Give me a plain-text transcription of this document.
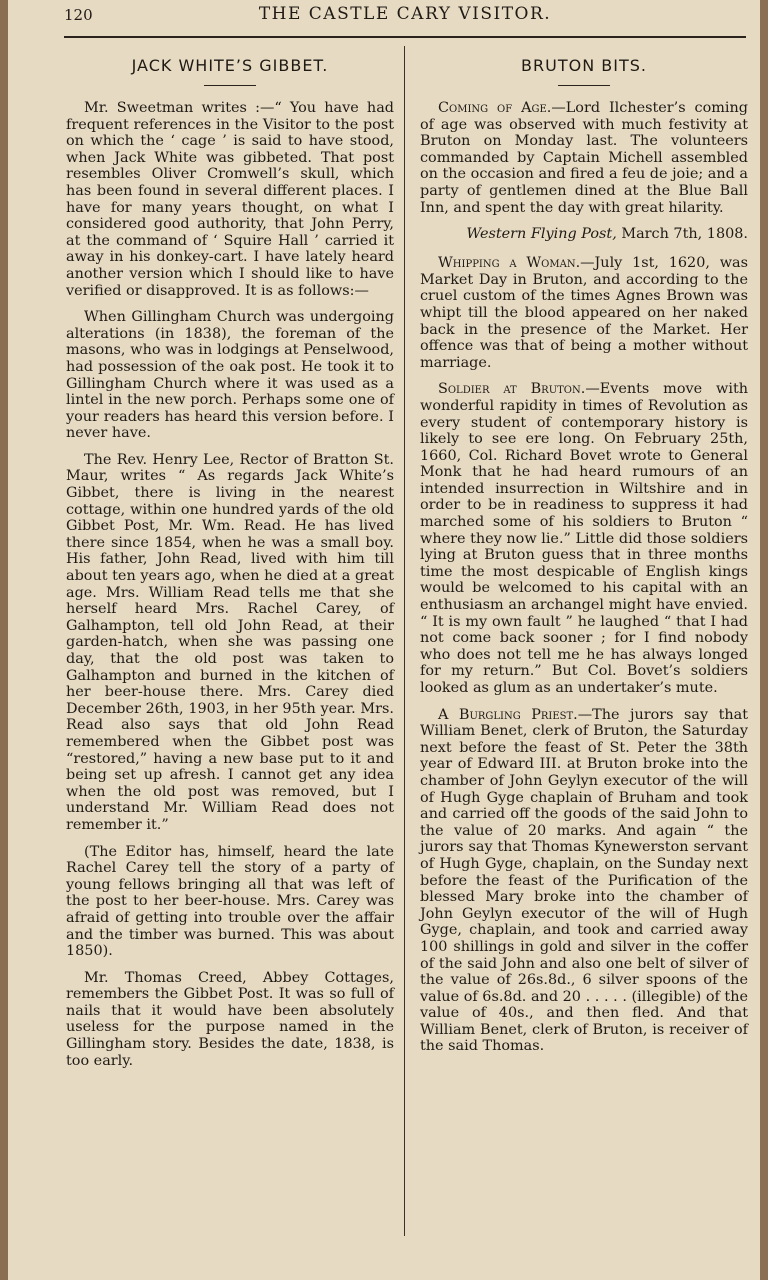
120	THE CASTLE CARY VISITOR.
JACK WHITE’S GIBBET.

Mr. Sweetman writes :—“ You have had frequent references in the Visitor to the post on which the ‘ cage ’ is said to have stood, when Jack White was gibbeted. That post resembles Oliver Cromwell’s skull, which has been found in several different places. I have for many years thought, on what I considered good authority, that John Perry, at the command of ‘ Squire Hall ’ carried it away in his donkey-cart. I have lately heard another version which I should like to have verified or disapproved. It is as follows:—

When Gillingham Church was undergoing alterations (in 1838), the foreman of the masons, who was in lodgings at Penselwood, had possession of the oak post. He took it to Gillingham Church where it was used as a lintel in the new porch. Perhaps some one of your readers has heard this version before. I never have.

The Rev. Henry Lee, Rector of Bratton St. Maur, writes “ As regards Jack White’s Gibbet, there is living in the nearest cottage, within one hundred yards of the old Gibbet Post, Mr. Wm. Read. He has lived there since 1854, when he was a small boy. His father, John Read, lived with him till about ten years ago, when he died at a great age. Mrs. William Read tells me that she herself heard Mrs. Rachel Carey, of Galhampton, tell old John Read, at their garden-hatch, when she was passing one day, that the old post was taken to Galhampton and burned in the kitchen of her beer-house there. Mrs. Carey died December 26th, 1903, in her 95th year. Mrs. Read also says that old John Read remembered when the Gibbet post was “restored,” having a new base put to it and being set up afresh. I cannot get any idea when the old post was removed, but I understand Mr. William Read does not remember it.”

(The Editor has, himself, heard the late Rachel Carey tell the story of a party of young fellows bringing all that was left of the post to her beer-house. Mrs. Carey was afraid of getting into trouble over the affair and the timber was burned. This was about 1850).

Mr. Thomas Creed, Abbey Cottages, remembers the Gibbet Post. It was so full of nails that it would have been absolutely useless for the purpose named in the Gillingham story. Besides the date, 1838, is too early.

BRUTON BITS.

Coming of Age.—Lord Ilchester’s coming of age was observed with much festivity at Bruton on Monday last. The volunteers commanded by Captain Michell assembled on the occasion and fired a feu de joie; and a party of gentlemen dined at the Blue Ball Inn, and spent the day with great hilarity.

Western Flying Post, March 7th, 1808.

Whipping a Woman.—July 1st, 1620, was Market Day in Bruton, and according to the cruel custom of the times Agnes Brown was whipt till the blood appeared on her naked back in the presence of the Market. Her offence was that of being a mother without marriage.

Soldier at Bruton.—Events move with wonderful rapidity in times of Revolution as every student of contemporary history is likely to see ere long. On February 25th, 1660, Col. Richard Bovet wrote to General Monk that he had heard rumours of an intended insurrection in Wiltshire and in order to be in readiness to suppress it had marched some of his soldiers to Bruton “ where they now lie.” Little did those soldiers lying at Bruton guess that in three months time the most despicable of English kings would be welcomed to his capital with an enthusiasm an archangel might have envied. “ It is my own fault ” he laughed “ that I had not come back sooner ; for I find nobody who does not tell me he has always longed for my return.” But Col. Bovet’s soldiers looked as glum as an undertaker’s mute.

A Burgling Priest.—The jurors say that William Benet, clerk of Bruton, the Saturday next before the feast of St. Peter the 38th year of Edward III. at Bruton broke into the chamber of John Geylyn executor of the will of Hugh Gyge chaplain of Bruham and took and carried off the goods of the said John to the value of 20 marks. And again “ the jurors say that Thomas Kynewerston servant of Hugh Gyge, chaplain, on the Sunday next before the feast of the Purification of the blessed Mary broke into the chamber of John Geylyn executor of the will of Hugh Gyge, chaplain, and took and carried away 100 shillings in gold and silver in the coffer of the said John and also one belt of silver of the value of 26s.8d., 6 silver spoons of the value of 6s.8d. and 20 . . . . . (illegible) of the value of 40s., and then fled. And that William Benet, clerk of Bruton, is receiver of the said Thomas.
